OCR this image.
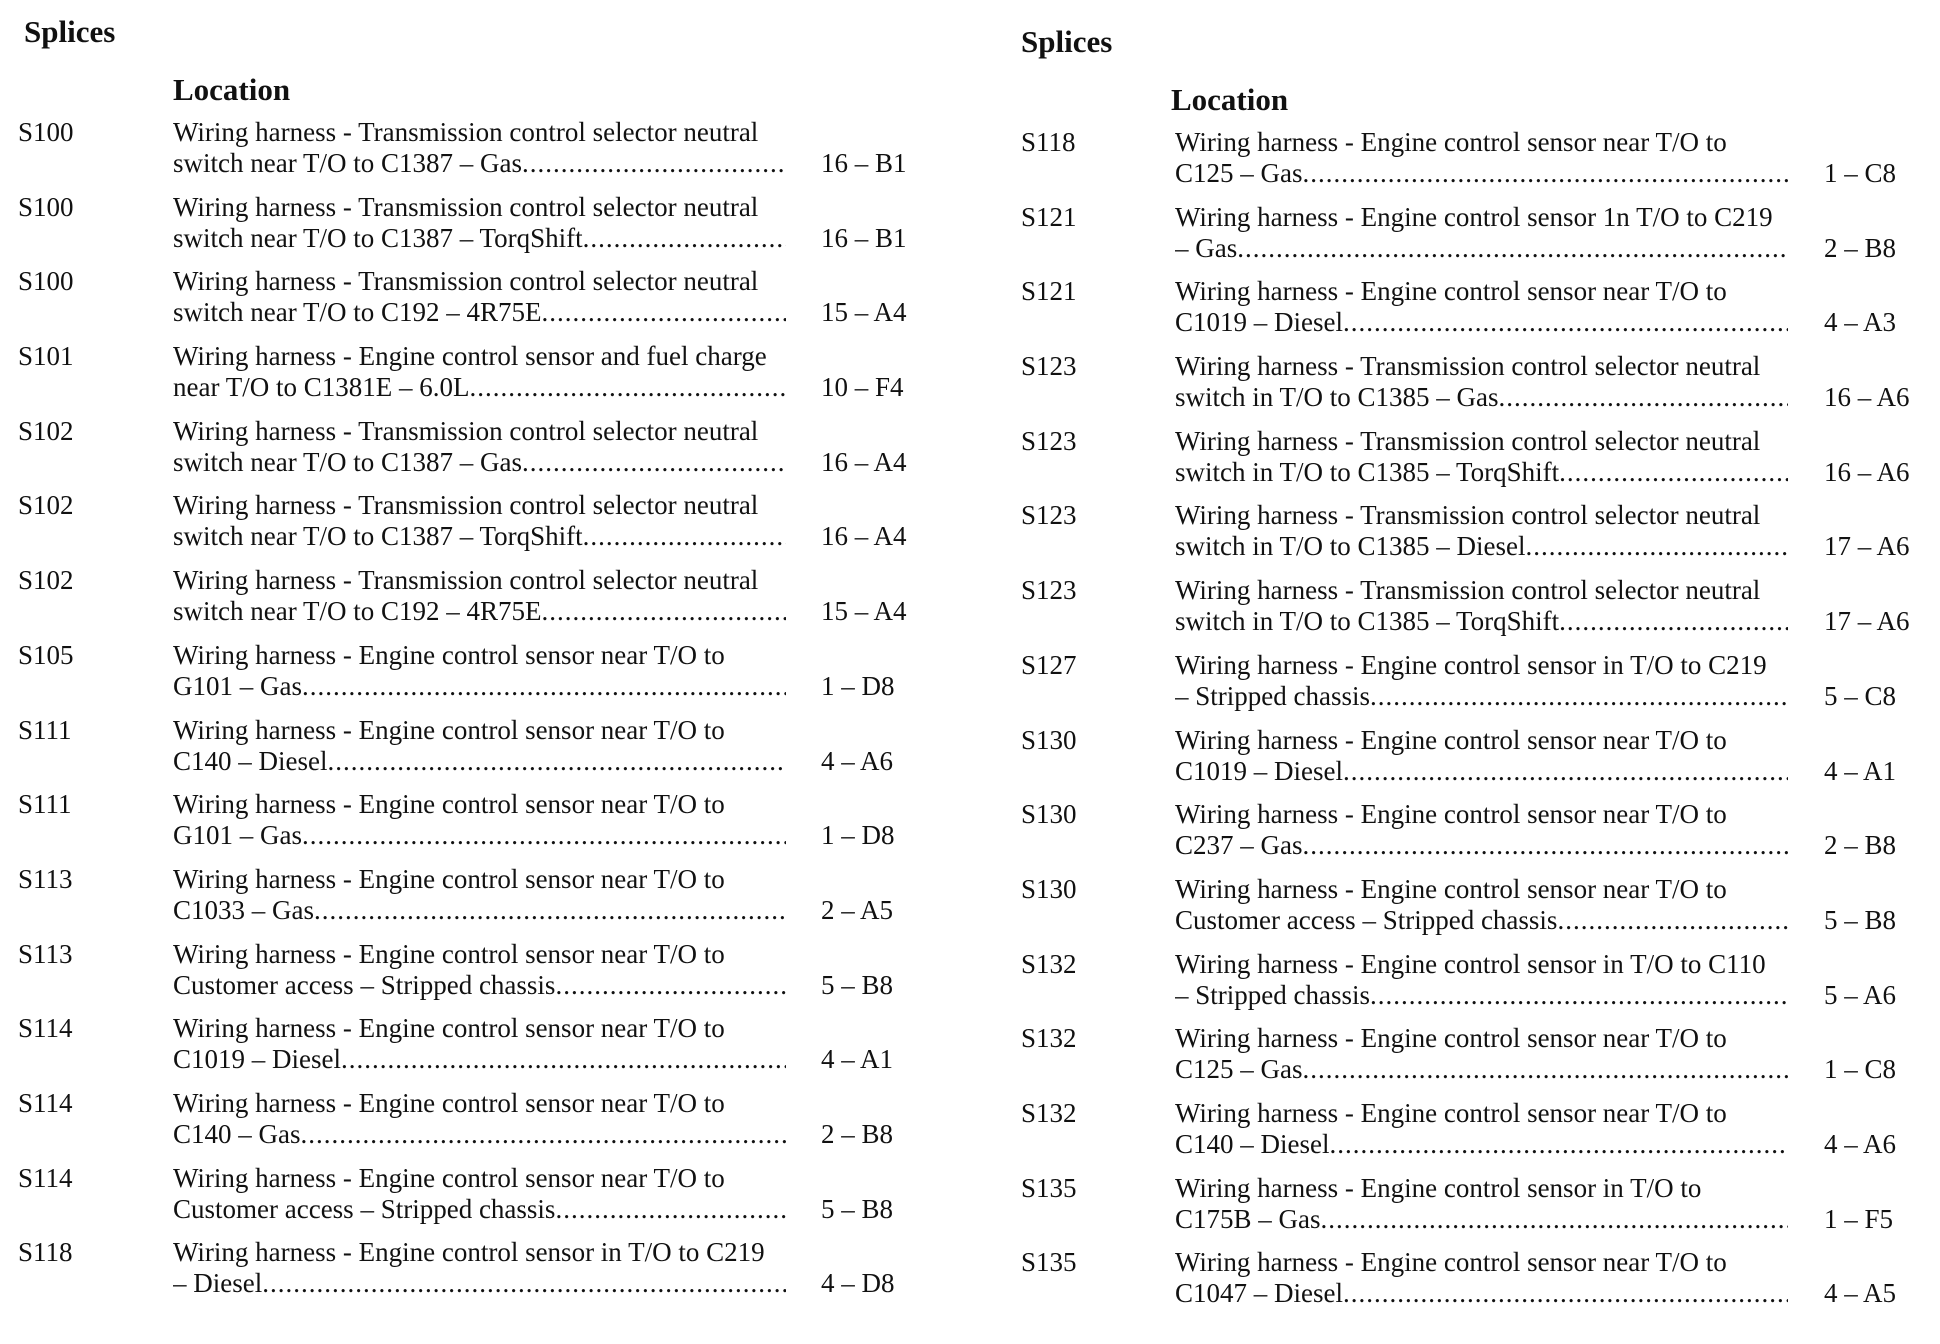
Splices
Location
S100	Wiring harness - Transmission control selector neutral
switch near T/O to C1387 – Gas .....	16 – B1
S100	Wiring harness - Transmission control selector neutral
switch near T/O to C1387 – TorqShift .....	16 – B1
S100	Wiring harness - Transmission control selector neutral
switch near T/O to C192 – 4R75E .....	15 – A4
S101	Wiring harness - Engine control sensor and fuel charge
near T/O to C1381E – 6.0L .....	10 – F4
S102	Wiring harness - Transmission control selector neutral
switch near T/O to C1387 – Gas .....	16 – A4
S102	Wiring harness - Transmission control selector neutral
switch near T/O to C1387 – TorqShift .....	16 – A4
S102	Wiring harness - Transmission control selector neutral
switch near T/O to C192 – 4R75E .....	15 – A4
S105	Wiring harness - Engine control sensor near T/O to
G101 – Gas .....	1 – D8
S111	Wiring harness - Engine control sensor near T/O to
C140 – Diesel .....	4 – A6
S111	Wiring harness - Engine control sensor near T/O to
G101 – Gas .....	1 – D8
S113	Wiring harness - Engine control sensor near T/O to
C1033 – Gas .....	2 – A5
S113	Wiring harness - Engine control sensor near T/O to
Customer access – Stripped chassis .....	5 – B8
S114	Wiring harness - Engine control sensor near T/O to
C1019 – Diesel .....	4 – A1
S114	Wiring harness - Engine control sensor near T/O to
C140 – Gas .....	2 – B8
S114	Wiring harness - Engine control sensor near T/O to
Customer access – Stripped chassis .....	5 – B8
S118	Wiring harness - Engine control sensor in T/O to C219
– Diesel .....	4 – D8
Splices
Location
S118	Wiring harness - Engine control sensor near T/O to
C125 – Gas .....	1 – C8
S121	Wiring harness - Engine control sensor 1n T/O to C219
– Gas .....	2 – B8
S121	Wiring harness - Engine control sensor near T/O to
C1019 – Diesel .....	4 – A3
S123	Wiring harness - Transmission control selector neutral
switch in T/O to C1385 – Gas .....	16 – A6
S123	Wiring harness - Transmission control selector neutral
switch in T/O to C1385 – TorqShift .....	16 – A6
S123	Wiring harness - Transmission control selector neutral
switch in T/O to C1385 – Diesel .....	17 – A6
S123	Wiring harness - Transmission control selector neutral
switch in T/O to C1385 – TorqShift .....	17 – A6
S127	Wiring harness - Engine control sensor in T/O to C219
– Stripped chassis .....	5 – C8
S130	Wiring harness - Engine control sensor near T/O to
C1019 – Diesel .....	4 – A1
S130	Wiring harness - Engine control sensor near T/O to
C237 – Gas .....	2 – B8
S130	Wiring harness - Engine control sensor near T/O to
Customer access – Stripped chassis .....	5 – B8
S132	Wiring harness - Engine control sensor in T/O to C110
– Stripped chassis .....	5 – A6
S132	Wiring harness - Engine control sensor near T/O to
C125 – Gas .....	1 – C8
S132	Wiring harness - Engine control sensor near T/O to
C140 – Diesel .....	4 – A6
S135	Wiring harness - Engine control sensor in T/O to
C175B – Gas .....	1 – F5
S135	Wiring harness - Engine control sensor near T/O to
C1047 – Diesel .....	4 – A5
